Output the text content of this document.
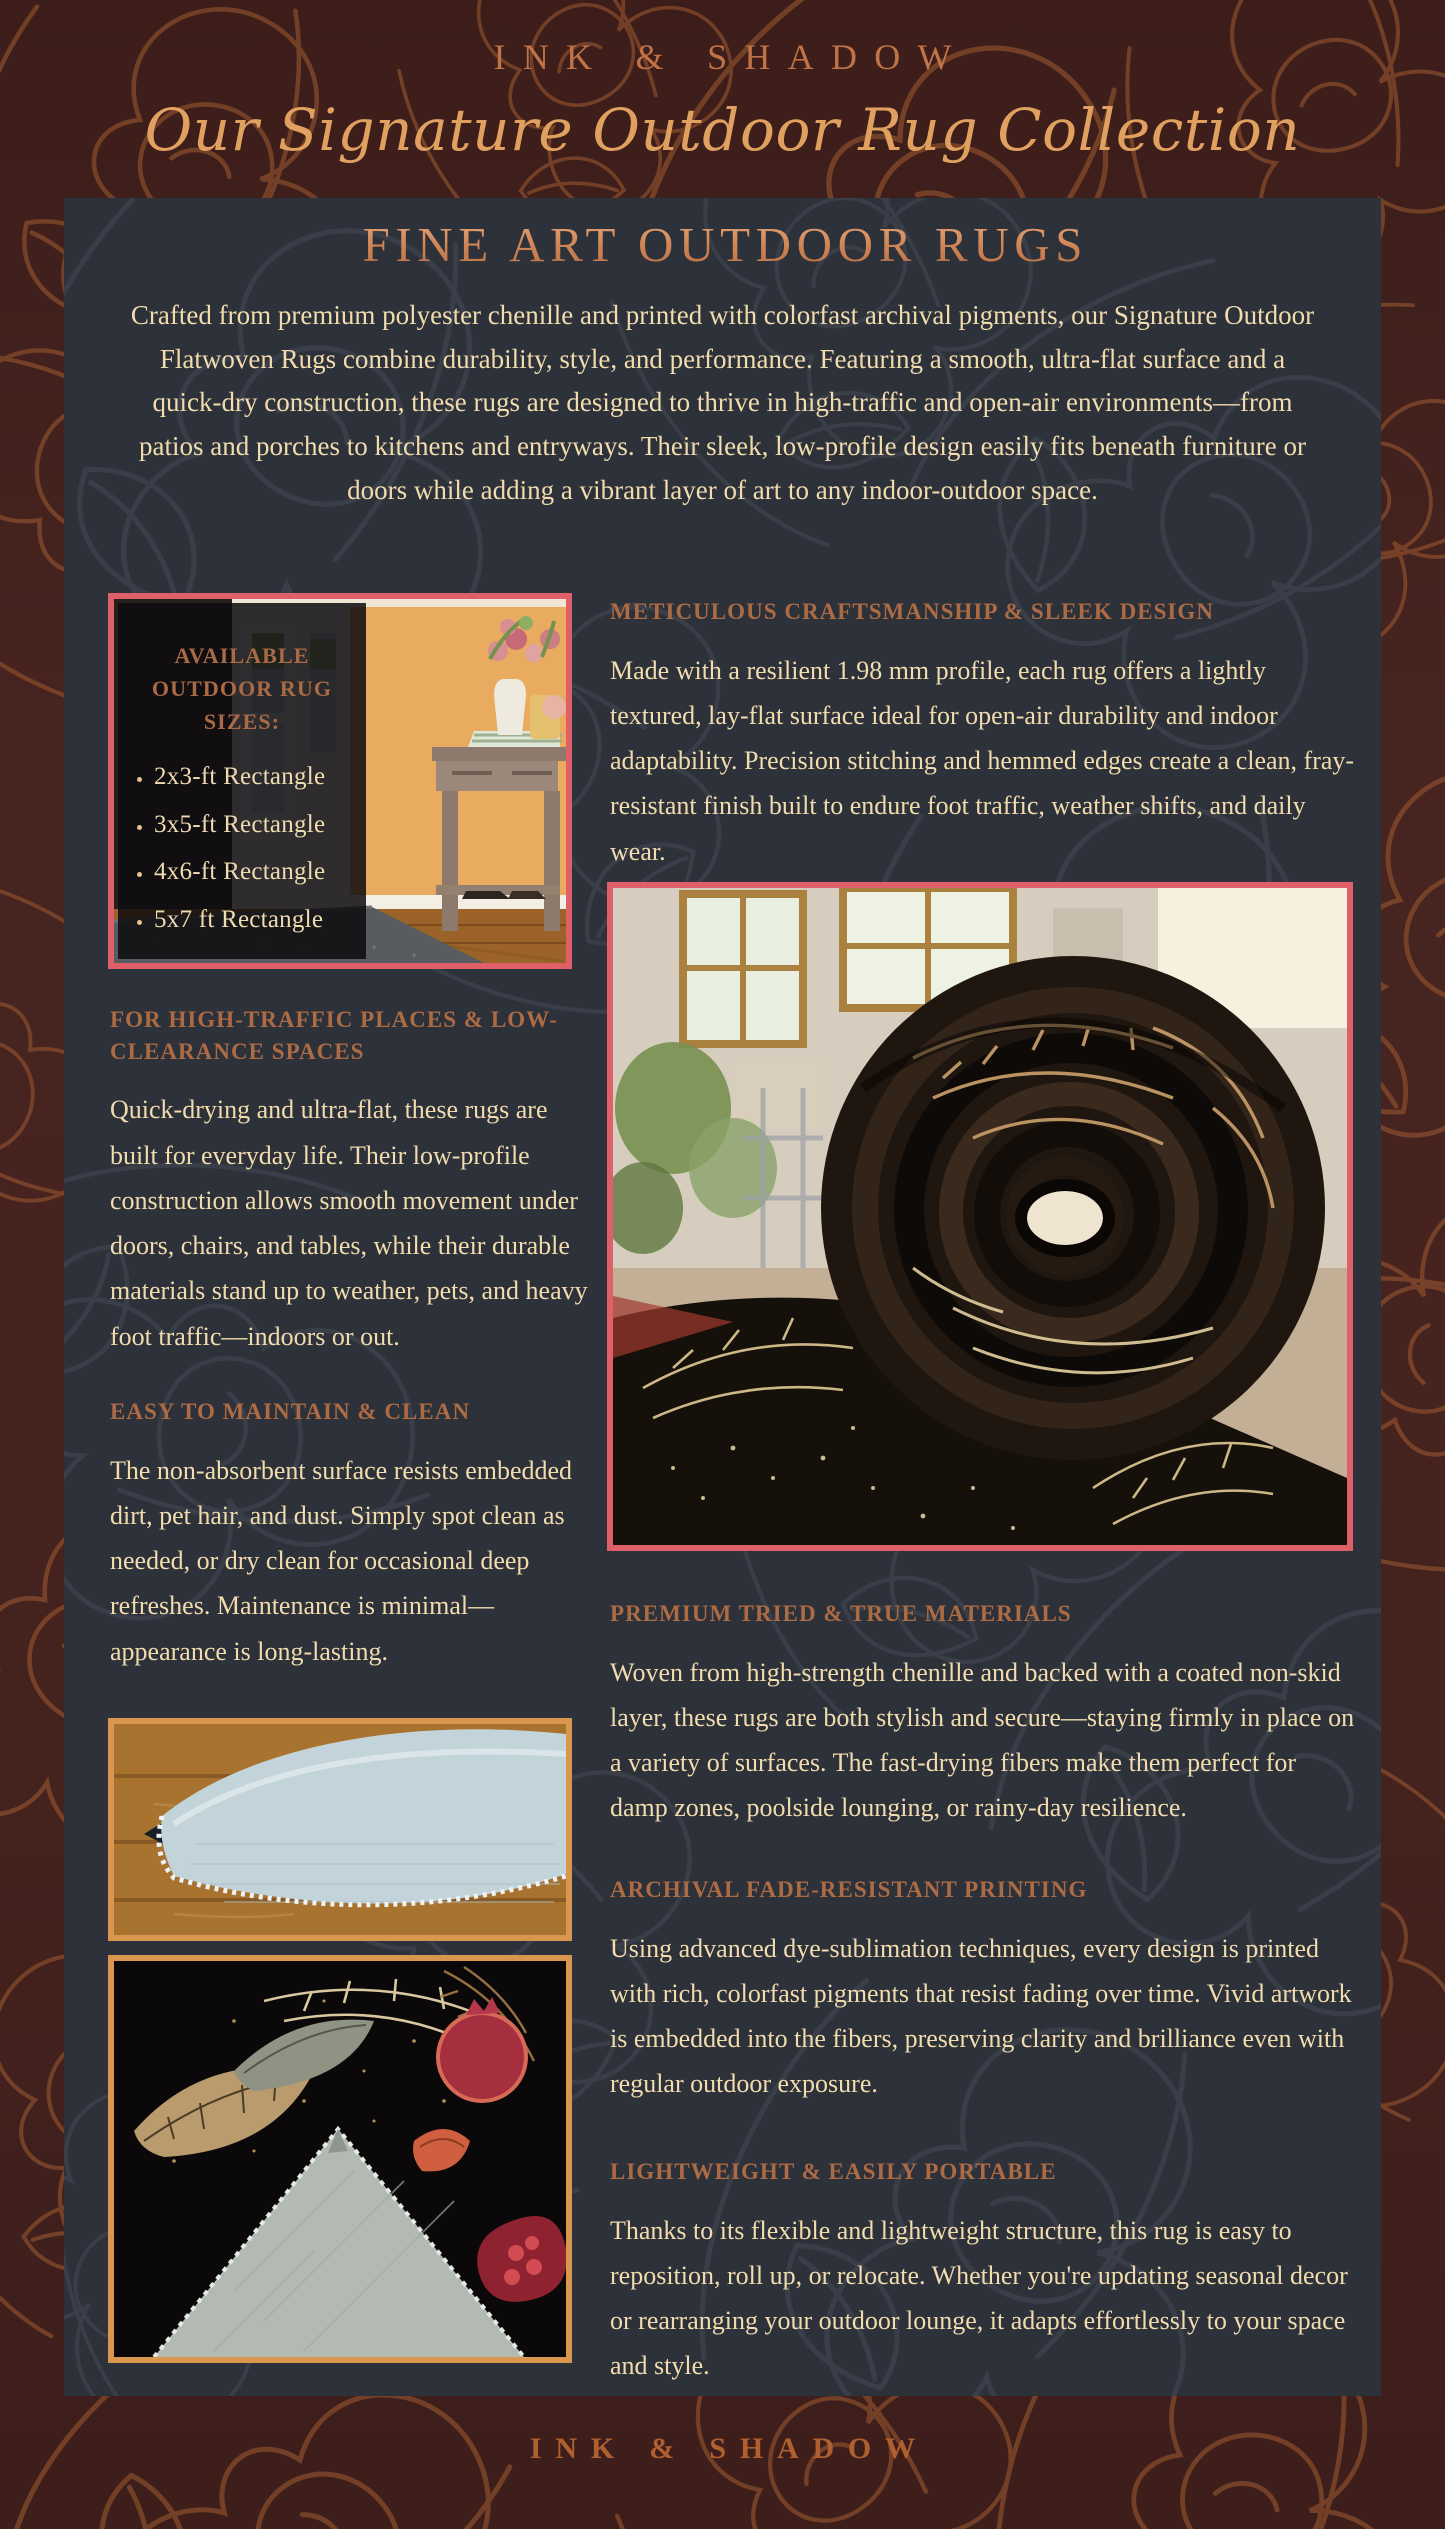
INK & SHADOW
Our Signature Outdoor Rug Collection
FINE ART OUTDOOR RUGS

Crafted from premium polyester chenille and printed with colorfast archival pigments, our Signature Outdoor Flatwoven Rugs combine durability, style, and performance. Featuring a smooth, ultra-flat surface and a quick-dry construction, these rugs are designed to thrive in high-traffic and open-air environments—from patios and porches to kitchens and entryways. Their sleek, low-profile design easily fits beneath furniture or doors while adding a vibrant layer of art to any indoor-outdoor space.

AVAILABLE OUTDOOR RUG SIZES:
• 2x3-ft Rectangle
• 3x5-ft Rectangle
• 4x6-ft Rectangle
• 5x7 ft Rectangle
METICULOUS CRAFTSMANSHIP & SLEEK DESIGN

Made with a resilient 1.98 mm profile, each rug offers a lightly textured, lay-flat surface ideal for open-air durability and indoor adaptability. Precision stitching and hemmed edges create a clean, fray-resistant finish built to endure foot traffic, weather shifts, and daily wear.

FOR HIGH-TRAFFIC PLACES & LOW-CLEARANCE SPACES

Quick-drying and ultra-flat, these rugs are built for everyday life. Their low-profile construction allows smooth movement under doors, chairs, and tables, while their durable materials stand up to weather, pets, and heavy foot traffic—indoors or out.

EASY TO MAINTAIN & CLEAN

The non-absorbent surface resists embedded dirt, pet hair, and dust. Simply spot clean as needed, or dry clean for occasional deep refreshes. Maintenance is minimal—appearance is long-lasting.

PREMIUM TRIED & TRUE MATERIALS

Woven from high-strength chenille and backed with a coated non-skid layer, these rugs are both stylish and secure—staying firmly in place on a variety of surfaces. The fast-drying fibers make them perfect for damp zones, poolside lounging, or rainy-day resilience.

ARCHIVAL FADE-RESISTANT PRINTING

Using advanced dye-sublimation techniques, every design is printed with rich, colorfast pigments that resist fading over time. Vivid artwork is embedded into the fibers, preserving clarity and brilliance even with regular outdoor exposure.

LIGHTWEIGHT & EASILY PORTABLE

Thanks to its flexible and lightweight structure, this rug is easy to reposition, roll up, or relocate. Whether you're updating seasonal decor or rearranging your outdoor lounge, it adapts effortlessly to your space and style.

INK & SHADOW
